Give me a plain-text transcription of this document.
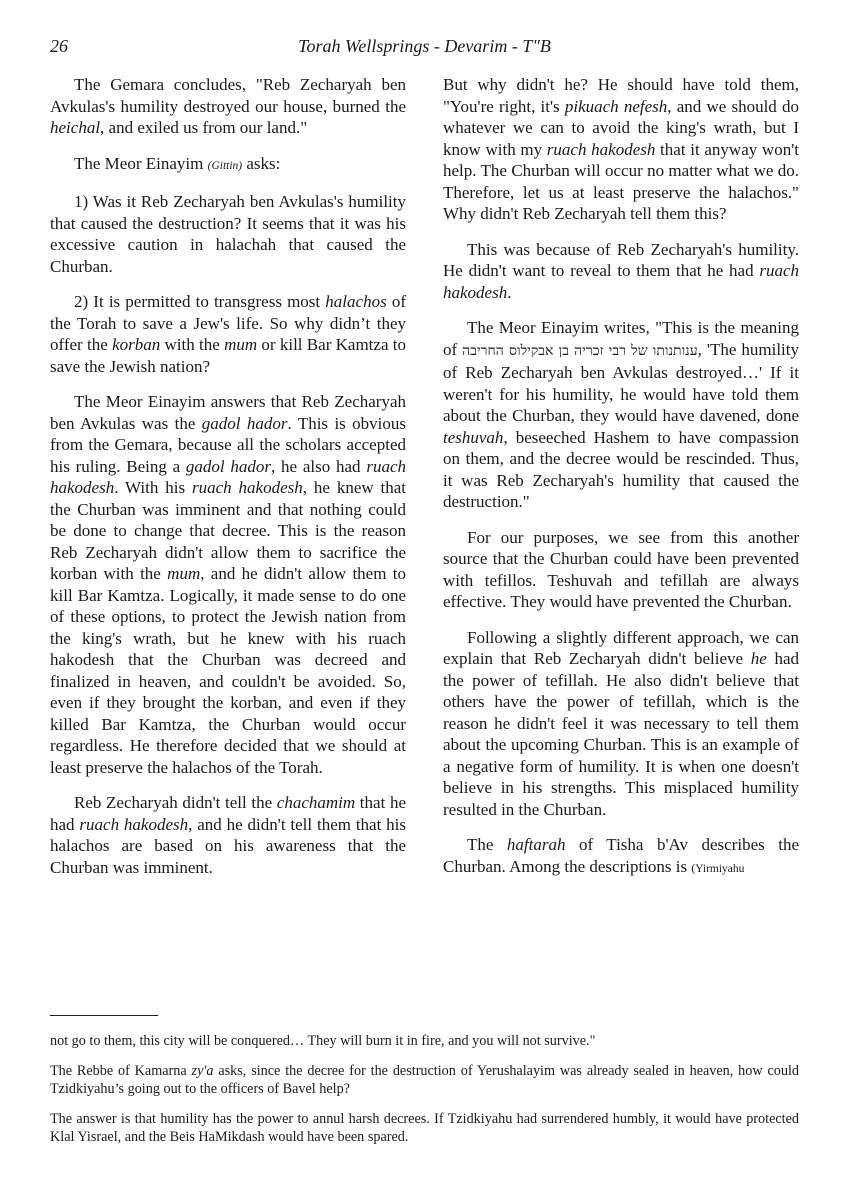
26	Torah Wellsprings - Devarim - T"B

The Gemara concludes, "Reb Zecharyah ben Avkulas's humility destroyed our house, burned the heichal, and exiled us from our land."

The Meor Einayim (Gittin) asks:

1) Was it Reb Zecharyah ben Avkulas's humility that caused the destruction? It seems that it was his excessive caution in halachah that caused the Churban.

2) It is permitted to transgress most halachos of the Torah to save a Jew's life. So why didn’t they offer the korban with the mum or kill Bar Kamtza to save the Jewish nation?

The Meor Einayim answers that Reb Zecharyah ben Avkulas was the gadol hador. This is obvious from the Gemara, because all the scholars accepted his ruling. Being a gadol hador, he also had ruach hakodesh. With his ruach hakodesh, he knew that the Churban was imminent and that nothing could be done to change that decree. This is the reason Reb Zecharyah didn't allow them to sacrifice the korban with the mum, and he didn't allow them to kill Bar Kamtza. Logically, it made sense to do one of these options, to protect the Jewish nation from the king's wrath, but he knew with his ruach hakodesh that the Churban was decreed and finalized in heaven, and couldn't be avoided. So, even if they brought the korban, and even if they killed Bar Kamtza, the Churban would occur regardless. He therefore decided that we should at least preserve the halachos of the Torah.

Reb Zecharyah didn't tell the chachamim that he had ruach hakodesh, and he didn't tell them that his halachos are based on his awareness that the Churban was imminent.

But why didn't he? He should have told them, "You're right, it's pikuach nefesh, and we should do whatever we can to avoid the king's wrath, but I know with my ruach hakodesh that it anyway won't help. The Churban will occur no matter what we do. Therefore, let us at least preserve the halachos." Why didn't Reb Zecharyah tell them this?

This was because of Reb Zecharyah's humility. He didn't want to reveal to them that he had ruach hakodesh.

The Meor Einayim writes, "This is the meaning of ענותנותו של רבי זכריה בן אבקילוס החריבה, 'The humility of Reb Zecharyah ben Avkulas destroyed…' If it weren't for his humility, he would have told them about the Churban, they would have davened, done teshuvah, beseeched Hashem to have compassion on them, and the decree would be rescinded. Thus, it was Reb Zecharyah's humility that caused the destruction."

For our purposes, we see from this another source that the Churban could have been prevented with tefillos. Teshuvah and tefillah are always effective. They would have prevented the Churban.

Following a slightly different approach, we can explain that Reb Zecharyah didn't believe he had the power of tefillah. He also didn't believe that others have the power of tefillah, which is the reason he didn't feel it was necessary to tell them about the upcoming Churban. This is an example of a negative form of humility. It is when one doesn't believe in his strengths. This misplaced humility resulted in the Churban.

The haftarah of Tisha b'Av describes the Churban. Among the descriptions is (Yirmiyahu

not go to them, this city will be conquered… They will burn it in fire, and you will not survive."

The Rebbe of Kamarna zy'a asks, since the decree for the destruction of Yerushalayim was already sealed in heaven, how could Tzidkiyahu’s going out to the officers of Bavel help?

The answer is that humility has the power to annul harsh decrees. If Tzidkiyahu had surrendered humbly, it would have protected Klal Yisrael, and the Beis HaMikdash would have been spared.
